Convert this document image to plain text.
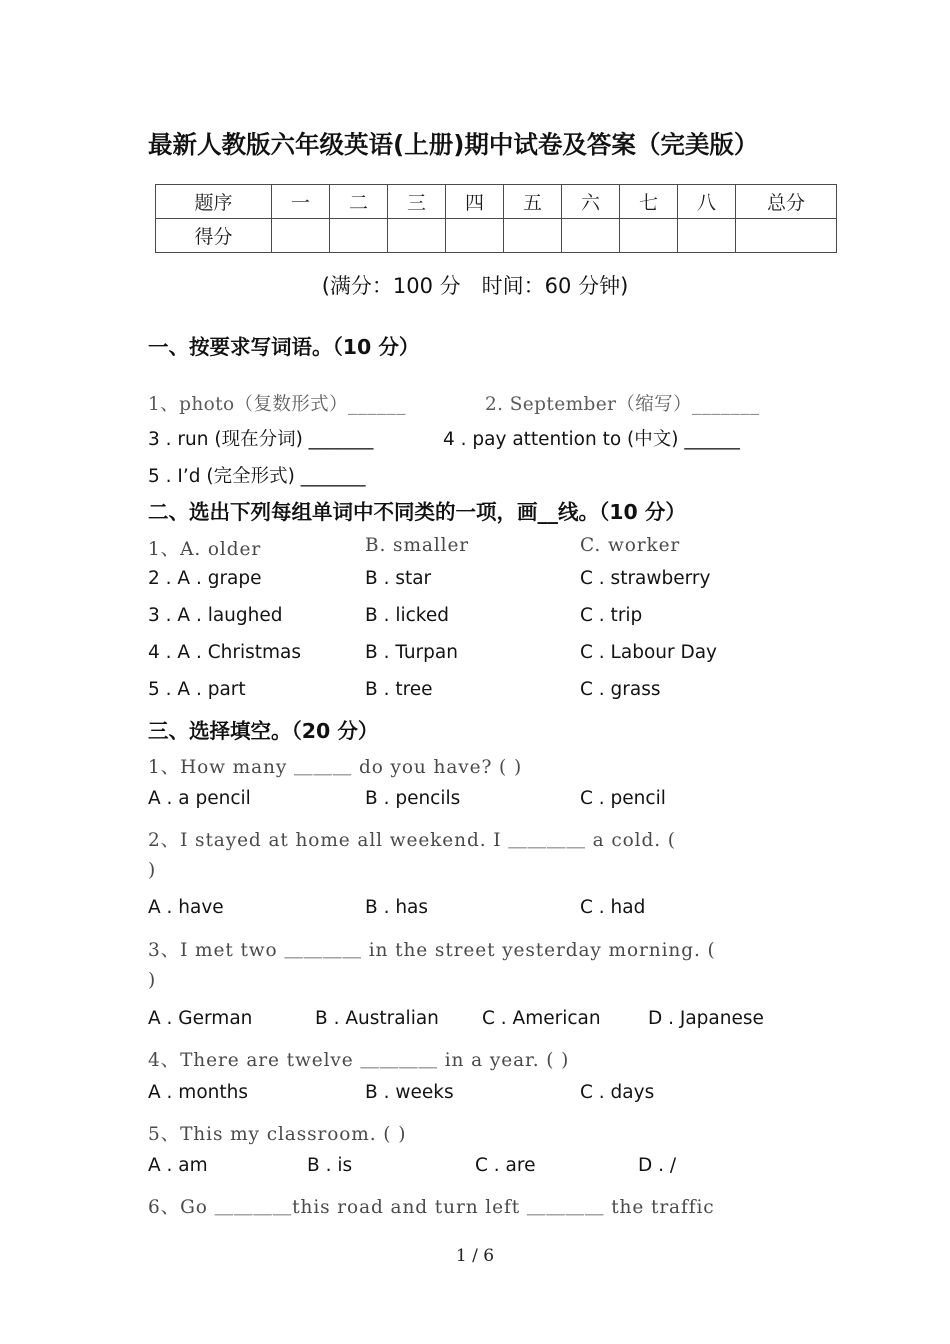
最新人教版六年级英语(上册)期中试卷及答案（完美版）
题序	一	二	三	四	五	六	七	八	总分
得分									
(满分：100 分　时间：60 分钟)
一、按要求写词语。（10 分）
1、photo（复数形式）______	2. September（缩写）_______
3 . run (现在分词) _______	4 . pay attention to (中文) ______
5 . I’d (完全形式) _______
二、选出下列每组单词中不同类的一项，画__线。（10 分）
1、A. older	B. smaller	C. worker
2 . A . grape	B . star	C . strawberry
3 . A . laughed	B . licked	C . trip
4 . A . Christmas	B . Turpan	C . Labour Day
5 . A . part	B . tree	C . grass
三、选择填空。（20 分）
1、How many ＿＿＿ do you have? ( )
A . a pencil	B . pencils	C . pencil
2、I stayed at home all weekend. I ＿＿＿＿ a cold. (
)
A . have	B . has	C . had
3、I met two ＿＿＿＿ in the street yesterday morning. (
)
A . German	B . Australian C . American	D . Japanese
4、There are twelve ＿＿＿＿ in a year. ( )
A . months	B . weeks	C . days
5、This my classroom. ( )
A . am	B . is	C . are	D . /
6、Go ＿＿＿＿this road and turn left ＿＿＿＿ the traffic
1 / 6
